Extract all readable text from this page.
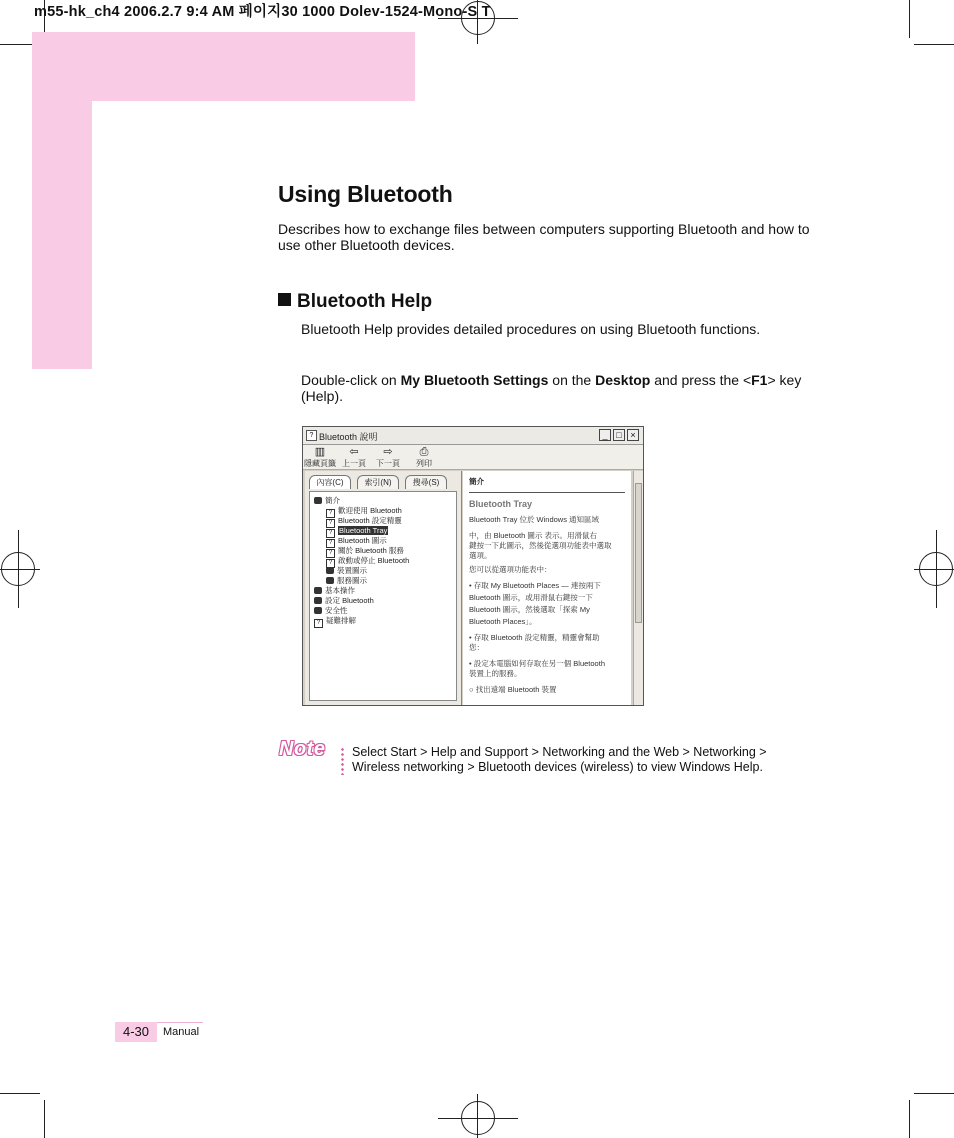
m55-hk_ch4 2006.2.7 9:4 AM 페이지30 1000 Dolev-1524-Mono-S T
Using Bluetooth
Describes how to exchange files between computers supporting Bluetooth and how to
use other Bluetooth devices.
Bluetooth Help
Bluetooth Help provides detailed procedures on using Bluetooth functions.
Double-click on My Bluetooth Settings on the Desktop and press the <F1> key
(Help).
? Bluetooth 說明	_ □ ×
▥
隱藏頁籤
⇦
上一頁
⇨
下一頁
⎙
列印
內容(C)	索引(N)	搜尋(S)
簡介
? 歡迎使用 Bluetooth
? Bluetooth 設定精靈
? Bluetooth Tray
? Bluetooth 圖示
? 關於 Bluetooth 服務
? 啟動或停止 Bluetooth
裝置圖示
服務圖示
基本操作
設定 Bluetooth
安全性
? 疑難排解
簡介
Bluetooth Tray
Bluetooth Tray 位於 Windows 通知區域
中，由 Bluetooth 圖示 表示。用滑鼠右
鍵按一下此圖示，然後從選項功能表中選取
選項。
您可以從選項功能表中：
• 存取 My Bluetooth Places — 連按兩下
Bluetooth 圖示，或用滑鼠右鍵按一下
Bluetooth 圖示，然後選取「探索 My
Bluetooth Places」。
• 存取 Bluetooth 設定精靈，精靈會幫助
您：
• 設定本電腦如何存取在另一個 Bluetooth
裝置上的服務。
○ 找出遠端 Bluetooth 裝置
Note Select Start > Help and Support > Networking and the Web > Networking >
Wireless networking > Bluetooth devices (wireless) to view Windows Help.
4-30	Manual
